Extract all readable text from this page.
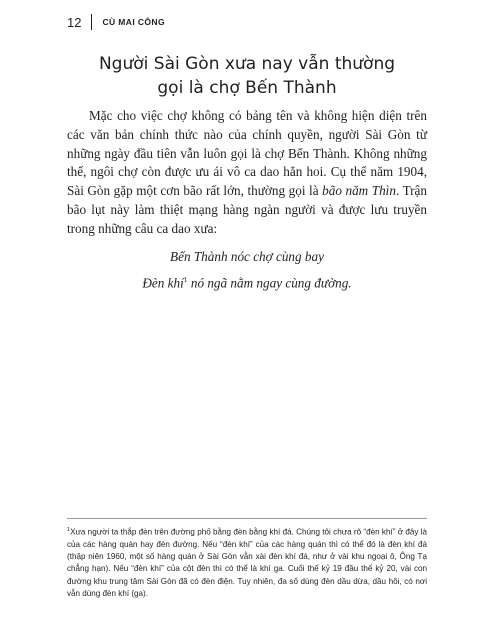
12 CÙ MAI CÔNG
Người Sài Gòn xưa nay vẫn thường
gọi là chợ Bến Thành

Mặc cho việc chợ không có bảng tên và không hiện diện trên các văn bản chính thức nào của chính quyền, người Sài Gòn từ những ngày đầu tiên vẫn luôn gọi là chợ Bến Thành. Không những thế, ngôi chợ còn được ưu ái vô ca dao hẳn hoi. Cụ thể năm 1904, Sài Gòn gặp một cơn bão rất lớn, thường gọi là bão năm Thìn. Trận bão lụt này làm thiệt mạng hàng ngàn người và được lưu truyền trong những câu ca dao xưa:

Bến Thành nóc chợ cùng bay

Đèn khí$^1$ nó ngã nằm ngay cùng đường.

$^1$Xưa người ta thắp đèn trên đường phố bằng đèn bằng khí đá. Chúng tôi chưa rõ “đèn khí” ở đây là của các hàng quán hay đèn đường. Nếu “đèn khí” của các hàng quán thì có thể đó là đèn khí đá (thập niên 1960, một số hàng quán ở Sài Gòn vẫn xài đèn khí đá, như ở vài khu ngoại ô, Ông Tạ chẳng hạn). Nếu “đèn khí” của cột đèn thì có thể là khí ga. Cuối thế kỷ 19 đầu thế kỷ 20, vài con đường khu trung tâm Sài Gòn đã có đèn điện. Tuy nhiên, đa số dùng đèn dầu dừa, dầu hôi, có nơi vẫn dùng đèn khí (ga).
